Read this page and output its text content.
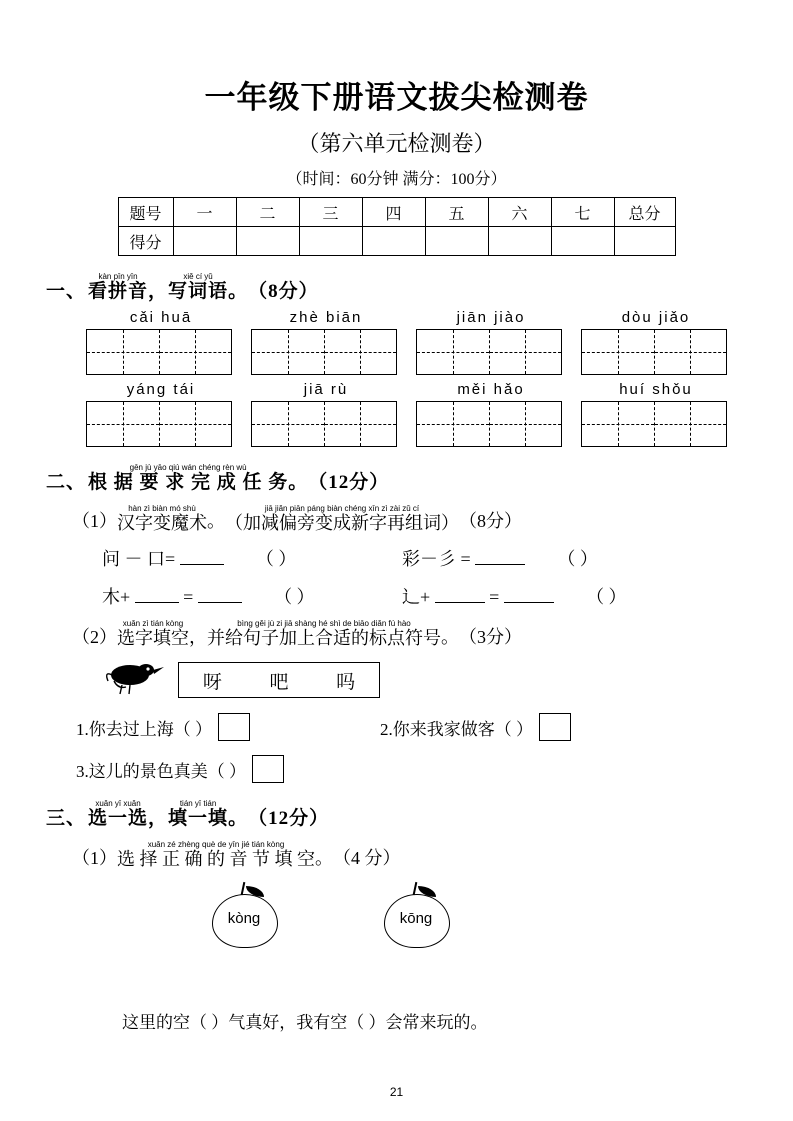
一年级下册语文拔尖检测卷
（第六单元检测卷）
（时间：60分钟 满分：100分）
题号	一	二	三	四	五	六	七	总分
得分								
一、
kàn pīn yīn
看拼音 ，
xiě cí yǔ
写词语 。 （8分）
cǎi huā	zhè biān	jiān jiào	dòu jiǎo
yáng tái	jiā rù	měi hǎo	huí shǒu
二、
gēn jù yāo qiú wán chéng rèn wù
根 据 要 求 完 成 任 务 。 （12分）
（1）
hàn zì biàn mó shù
汉字变魔术 。
jiā jiǎn piān páng biàn chéng xīn zì zài zǔ cí
（加减偏旁变成新字再组词） （8分）
问 － 口=	（ ）	彩－彡 =	（ ）
木+	=	（ ）	辶+	=	（ ）
（2）
xuǎn zì tián kòng
选字填空 ，
bìng gěi jù zi jiā shàng hé shì de biāo diǎn fú hào
并给句子加上合适的标点符号 。 （3分）
呀	吧	吗
1.你去过上海（ ）	2.你来我家做客（ ）
3.这儿的景色真美（ ）
三、
xuǎn yī xuǎn
选一选 ，
tián yī tián
填一填 。 （12分）
（1）
xuǎn zé zhèng què de yīn jié tián kòng
选 择 正 确 的 音 节 填 空 。 （4 分）
kòng	kōng
这里的空（ ）气真好，我有空（ ）会常来玩的。
21
